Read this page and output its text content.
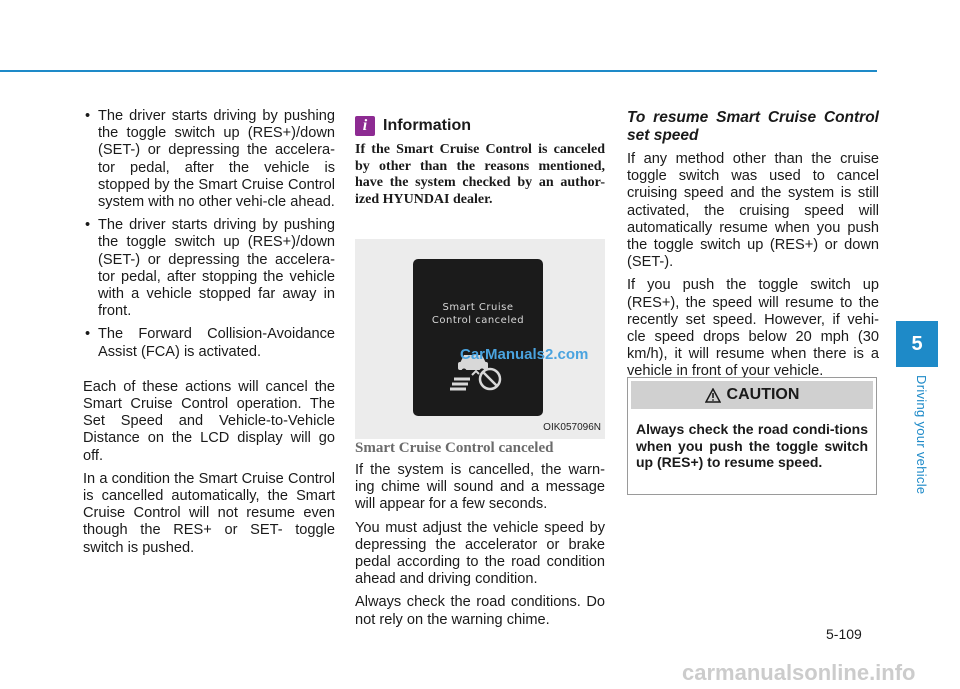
• The driver starts driving by pushing the toggle switch up (RES+)/down (SET-) or depressing the accelera-tor pedal, after the vehicle is stopped by the Smart Cruise Control system with no other vehi-cle ahead.
• The driver starts driving by pushing the toggle switch up (RES+)/down (SET-) or depressing the accelera-tor pedal, after stopping the vehicle with a vehicle stopped far away in front.
• The Forward Collision-Avoidance Assist (FCA) is activated.

Each of these actions will cancel the Smart Cruise Control operation. The Set Speed and Vehicle-to-Vehicle Distance on the LCD display will go off.

In a condition the Smart Cruise Control is cancelled automatically, the Smart Cruise Control will not resume even though the RES+ or SET- toggle switch is pushed.

i Information

If the Smart Cruise Control is canceled by other than the reasons mentioned, have the system checked by an author-ized HYUNDAI dealer.

Smart Cruise
Control canceled
OIK057096N
CarManuals2.com
Smart Cruise Control canceled

If the system is cancelled, the warn-ing chime will sound and a message will appear for a few seconds.

You must adjust the vehicle speed by depressing the accelerator or brake pedal according to the road condition ahead and driving condition.

Always check the road conditions. Do not rely on the warning chime.

To resume Smart Cruise Control set speed

If any method other than the cruise toggle switch was used to cancel cruising speed and the system is still activated, the cruising speed will automatically resume when you push the toggle switch up (RES+) or down (SET-).

If you push the toggle switch up (RES+), the speed will resume to the recently set speed. However, if vehi-cle speed drops below 20 mph (30 km/h), it will resume when there is a vehicle in front of your vehicle.

CAUTION

Always check the road condi-tions when you push the toggle switch up (RES+) to resume speed.

5
Driving your vehicle
5-109
carmanualsonline.info
